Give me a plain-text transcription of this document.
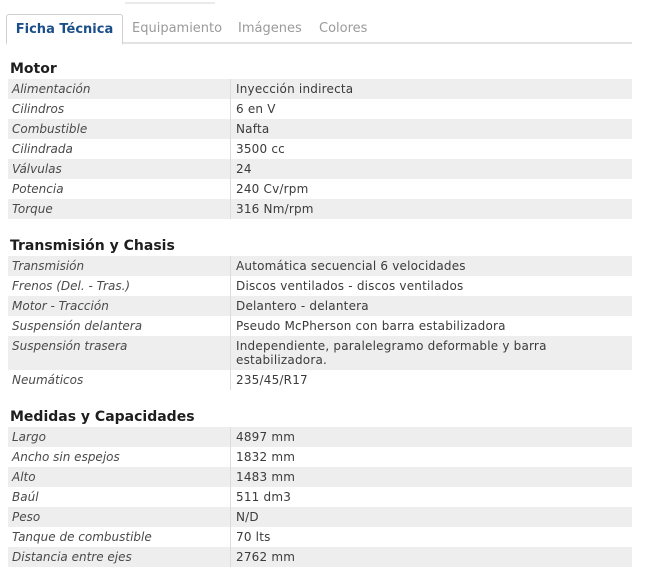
Ficha Técnica	Equipamiento Imágenes Colores
Motor
Alimentación	Inyección indirecta
Cilindros	6 en V
Combustible	Nafta
Cilindrada	3500 cc
Válvulas	24
Potencia	240 Cv/rpm
Torque	316 Nm/rpm
Transmisión y Chasis
Transmisión	Automática secuencial 6 velocidades
Frenos (Del. - Tras.)	Discos ventilados - discos ventilados
Motor - Tracción	Delantero - delantera
Suspensión delantera	Pseudo McPherson con barra estabilizadora
Suspensión trasera	Independiente, paralelegramo deformable y barra estabilizadora.
Neumáticos	235/45/R17
Medidas y Capacidades
Largo	4897 mm
Ancho sin espejos	1832 mm
Alto	1483 mm
Baúl	511 dm3
Peso	N/D
Tanque de combustible	70 lts
Distancia entre ejes	2762 mm
